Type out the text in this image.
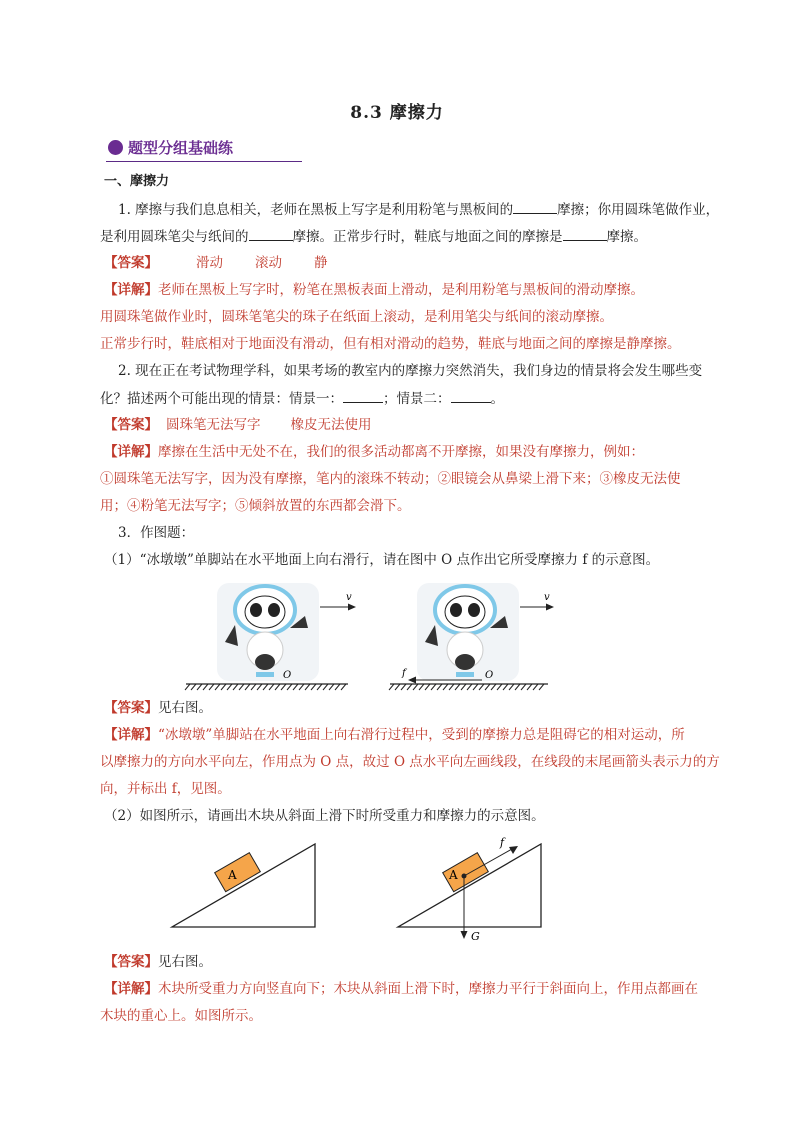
8.3 摩擦力
题型分组基础练
一、摩擦力
1. 摩擦与我们息息相关，老师在黑板上写字是利用粉笔与黑板间的	摩擦；你用圆珠笔做作业，
是利用圆珠笔尖与纸间的	摩擦。正常步行时，鞋底与地面之间的摩擦是	摩擦。
【答案】	滑动 滚动 静
【详解】老师在黑板上写字时，粉笔在黑板表面上滑动，是利用粉笔与黑板间的滑动摩擦。
用圆珠笔做作业时，圆珠笔笔尖的珠子在纸面上滚动，是利用笔尖与纸间的滚动摩擦。
正常步行时，鞋底相对于地面没有滑动，但有相对滑动的趋势，鞋底与地面之间的摩擦是静摩擦。
2. 现在正在考试物理学科，如果考场的教室内的摩擦力突然消失，我们身边的情景将会发生哪些变
化？描述两个可能出现的情景：情景一：	；情景二：	。
【答案】 圆珠笔无法写字 橡皮无法使用
【详解】摩擦在生活中无处不在，我们的很多活动都离不开摩擦，如果没有摩擦力，例如：
①圆珠笔无法写字，因为没有摩擦，笔内的滚珠不转动；②眼镜会从鼻梁上滑下来；③橡皮无法使
用；④粉笔无法写字；⑤倾斜放置的东西都会滑下。
3．作图题：
（1）“冰墩墩”单脚站在水平地面上向右滑行，请在图中 O 点作出它所受摩擦力 f 的示意图。
v
O
v
f	O
【答案】见右图。
【详解】“冰墩墩”单脚站在水平地面上向右滑行过程中，受到的摩擦力总是阻碍它的相对运动，所
以摩擦力的方向水平向左，作用点为 O 点，故过 O 点水平向左画线段，在线段的末尾画箭头表示力的方
向，并标出 f，见图。
（2）如图所示，请画出木块从斜面上滑下时所受重力和摩擦力的示意图。
A	A
f
G
【答案】见右图。
【详解】木块所受重力方向竖直向下；木块从斜面上滑下时，摩擦力平行于斜面向上，作用点都画在
木块的重心上。如图所示。
